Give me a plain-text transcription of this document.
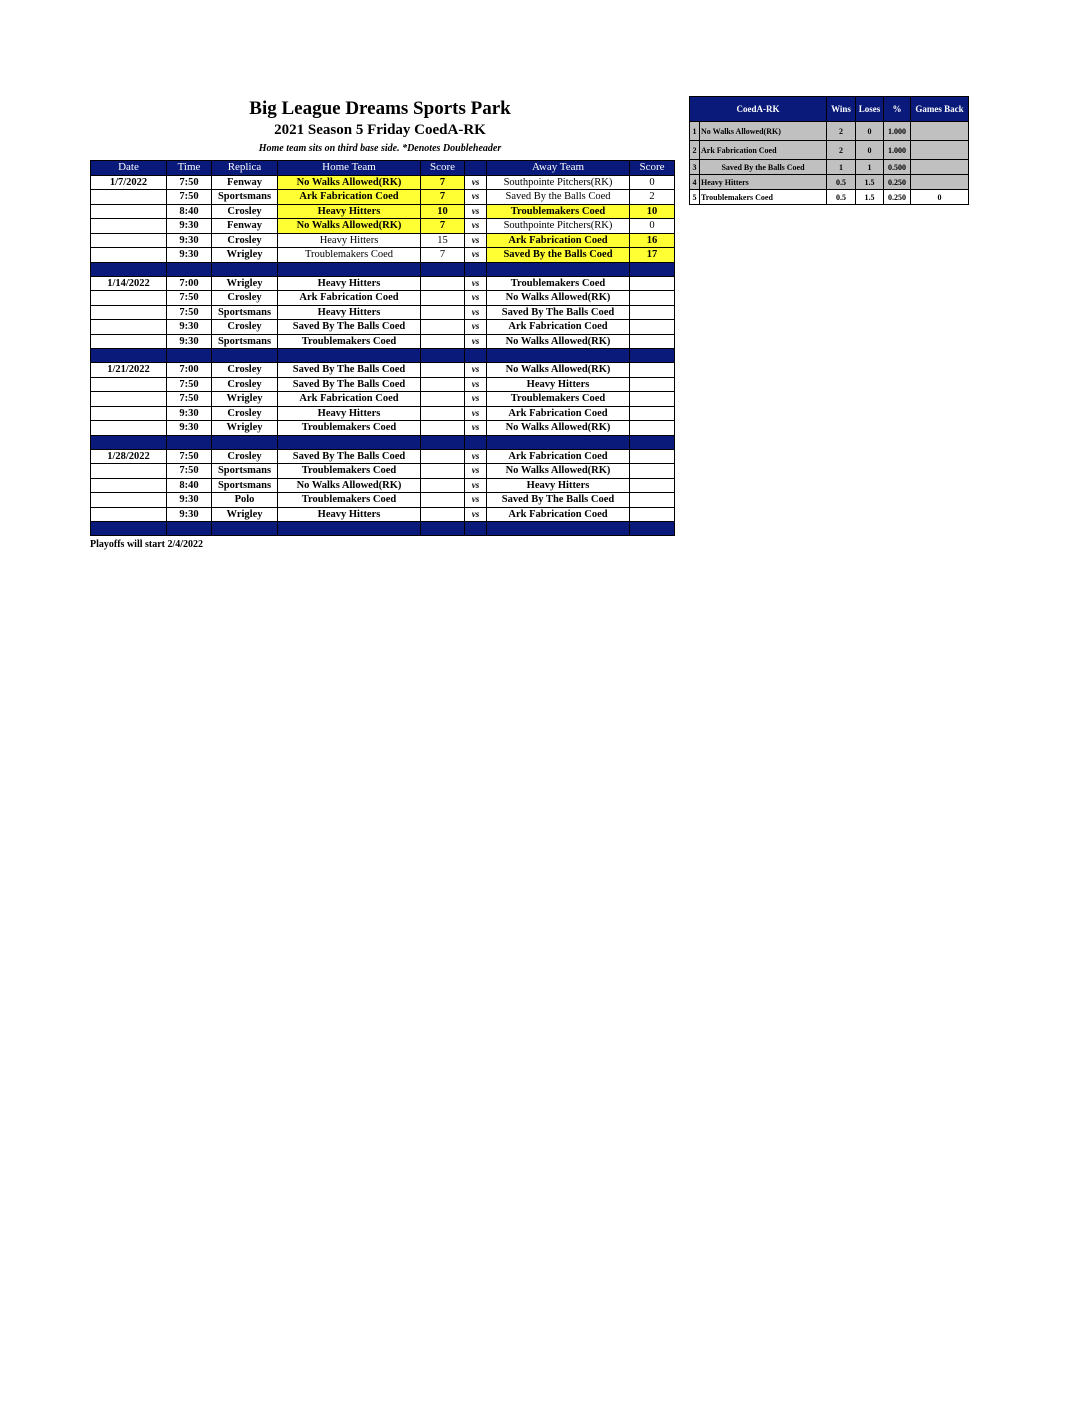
Big League Dreams Sports Park
2021 Season 5 Friday CoedA-RK
Home team sits on third base side. *Denotes Doubleheader
Date	Time	Replica	Home Team	Score		Away Team	Score
1/7/2022	7:50	Fenway	No Walks Allowed(RK)	7	vs	Southpointe Pitchers(RK)	0
	7:50	Sportsmans	Ark Fabrication Coed	7	vs	Saved By the Balls Coed	2
	8:40	Crosley	Heavy Hitters	10	vs	Troublemakers Coed	10
	9:30	Fenway	No Walks Allowed(RK)	7	vs	Southpointe Pitchers(RK)	0
	9:30	Crosley	Heavy Hitters	15	vs	Ark Fabrication Coed	16
	9:30	Wrigley	Troublemakers Coed	7	vs	Saved By the Balls Coed	17

1/14/2022	7:00	Wrigley	Heavy Hitters		vs	Troublemakers Coed	
	7:50	Crosley	Ark Fabrication Coed		vs	No Walks Allowed(RK)	
	7:50	Sportsmans	Heavy Hitters		vs	Saved By The Balls Coed	
	9:30	Crosley	Saved By The Balls Coed		vs	Ark Fabrication Coed	
	9:30	Sportsmans	Troublemakers Coed		vs	No Walks Allowed(RK)	

1/21/2022	7:00	Crosley	Saved By The Balls Coed		vs	No Walks Allowed(RK)	
	7:50	Crosley	Saved By The Balls Coed		vs	Heavy Hitters	
	7:50	Wrigley	Ark Fabrication Coed		vs	Troublemakers Coed	
	9:30	Crosley	Heavy Hitters		vs	Ark Fabrication Coed	
	9:30	Wrigley	Troublemakers Coed		vs	No Walks Allowed(RK)	

1/28/2022	7:50	Crosley	Saved By The Balls Coed		vs	Ark Fabrication Coed	
	7:50	Sportsmans	Troublemakers Coed		vs	No Walks Allowed(RK)	
	8:40	Sportsmans	No Walks Allowed(RK)		vs	Heavy Hitters	
	9:30	Polo	Troublemakers Coed		vs	Saved By The Balls Coed	
	9:30	Wrigley	Heavy Hitters		vs	Ark Fabrication Coed	

Playoffs will start 2/4/2022
CoedA-RK		Wins	Loses	%	Games Back
1	No Walks Allowed(RK)	2	0	1.000	
2	Ark Fabrication Coed	2	0	1.000	
3	Saved By the Balls Coed	1	1	0.500	
4	Heavy Hitters	0.5	1.5	0.250	
5	Troublemakers Coed	0.5	1.5	0.250	0
